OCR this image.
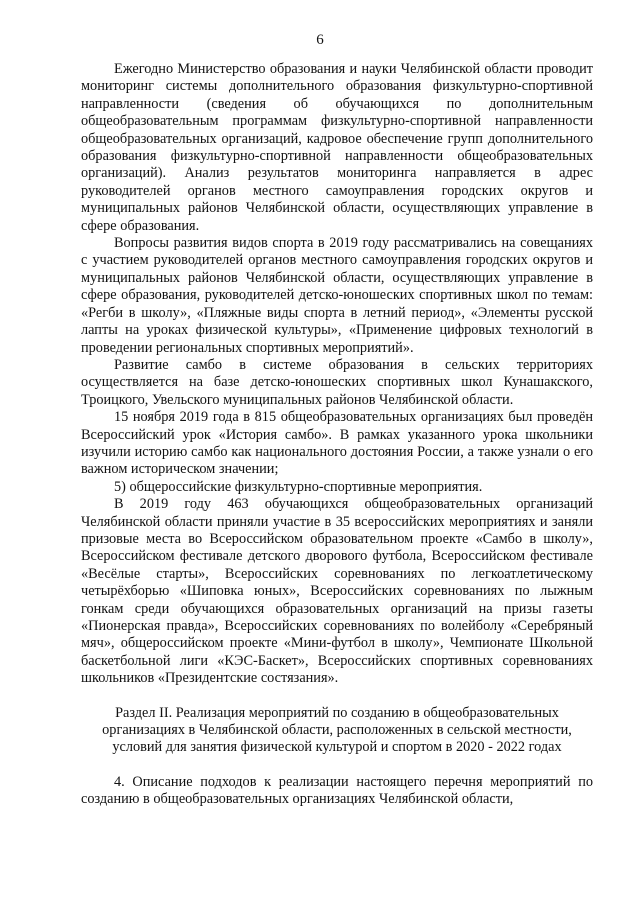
6

Ежегодно Министерство образования и науки Челябинской области проводит мониторинг системы дополнительного образования физкультурно-спортивной направленности (сведения об обучающихся по дополнительным общеобразовательным программам физкультурно-спортивной направленности общеобразовательных организаций, кадровое обеспечение групп дополнительного образования физкультурно-спортивной направленности общеобразовательных организаций). Анализ результатов мониторинга направляется в адрес руководителей органов местного самоуправления городских округов и муниципальных районов Челябинской области, осуществляющих управление в сфере образования.

Вопросы развития видов спорта в 2019 году рассматривались на совещаниях с участием руководителей органов местного самоуправления городских округов и муниципальных районов Челябинской области, осуществляющих управление в сфере образования, руководителей детско-юношеских спортивных школ по темам: «Регби в школу», «Пляжные виды спорта в летний период», «Элементы русской лапты на уроках физической культуры», «Применение цифровых технологий в проведении региональных спортивных мероприятий».

Развитие самбо в системе образования в сельских территориях осуществляется на базе детско-юношеских спортивных школ Кунашакского, Троицкого, Увельского муниципальных районов Челябинской области.

15 ноября 2019 года в 815 общеобразовательных организациях был проведён Всероссийский урок «История самбо». В рамках указанного урока школьники изучили историю самбо как национального достояния России, а также узнали о его важном историческом значении;

5) общероссийские физкультурно-спортивные мероприятия.

В 2019 году 463 обучающихся общеобразовательных организаций Челябинской области приняли участие в 35 всероссийских мероприятиях и заняли призовые места во Всероссийском образовательном проекте «Самбо в школу», Всероссийском фестивале детского дворового футбола, Всероссийском фестивале «Весёлые старты», Всероссийских соревнованиях по легкоатлетическому четырёхборью «Шиповка юных», Всероссийских соревнованиях по лыжным гонкам среди обучающихся образовательных организаций на призы газеты «Пионерская правда», Всероссийских соревнованиях по волейболу «Серебряный мяч», общероссийском проекте «Мини-футбол в школу», Чемпионате Школьной баскетбольной лиги «КЭС-Баскет», Всероссийских спортивных соревнованиях школьников «Президентские состязания».

Раздел II. Реализация мероприятий по созданию в общеобразовательных организациях в Челябинской области, расположенных в сельской местности, условий для занятия физической культурой и спортом в 2020 - 2022 годах

4. Описание подходов к реализации настоящего перечня мероприятий по созданию в общеобразовательных организациях Челябинской области,
